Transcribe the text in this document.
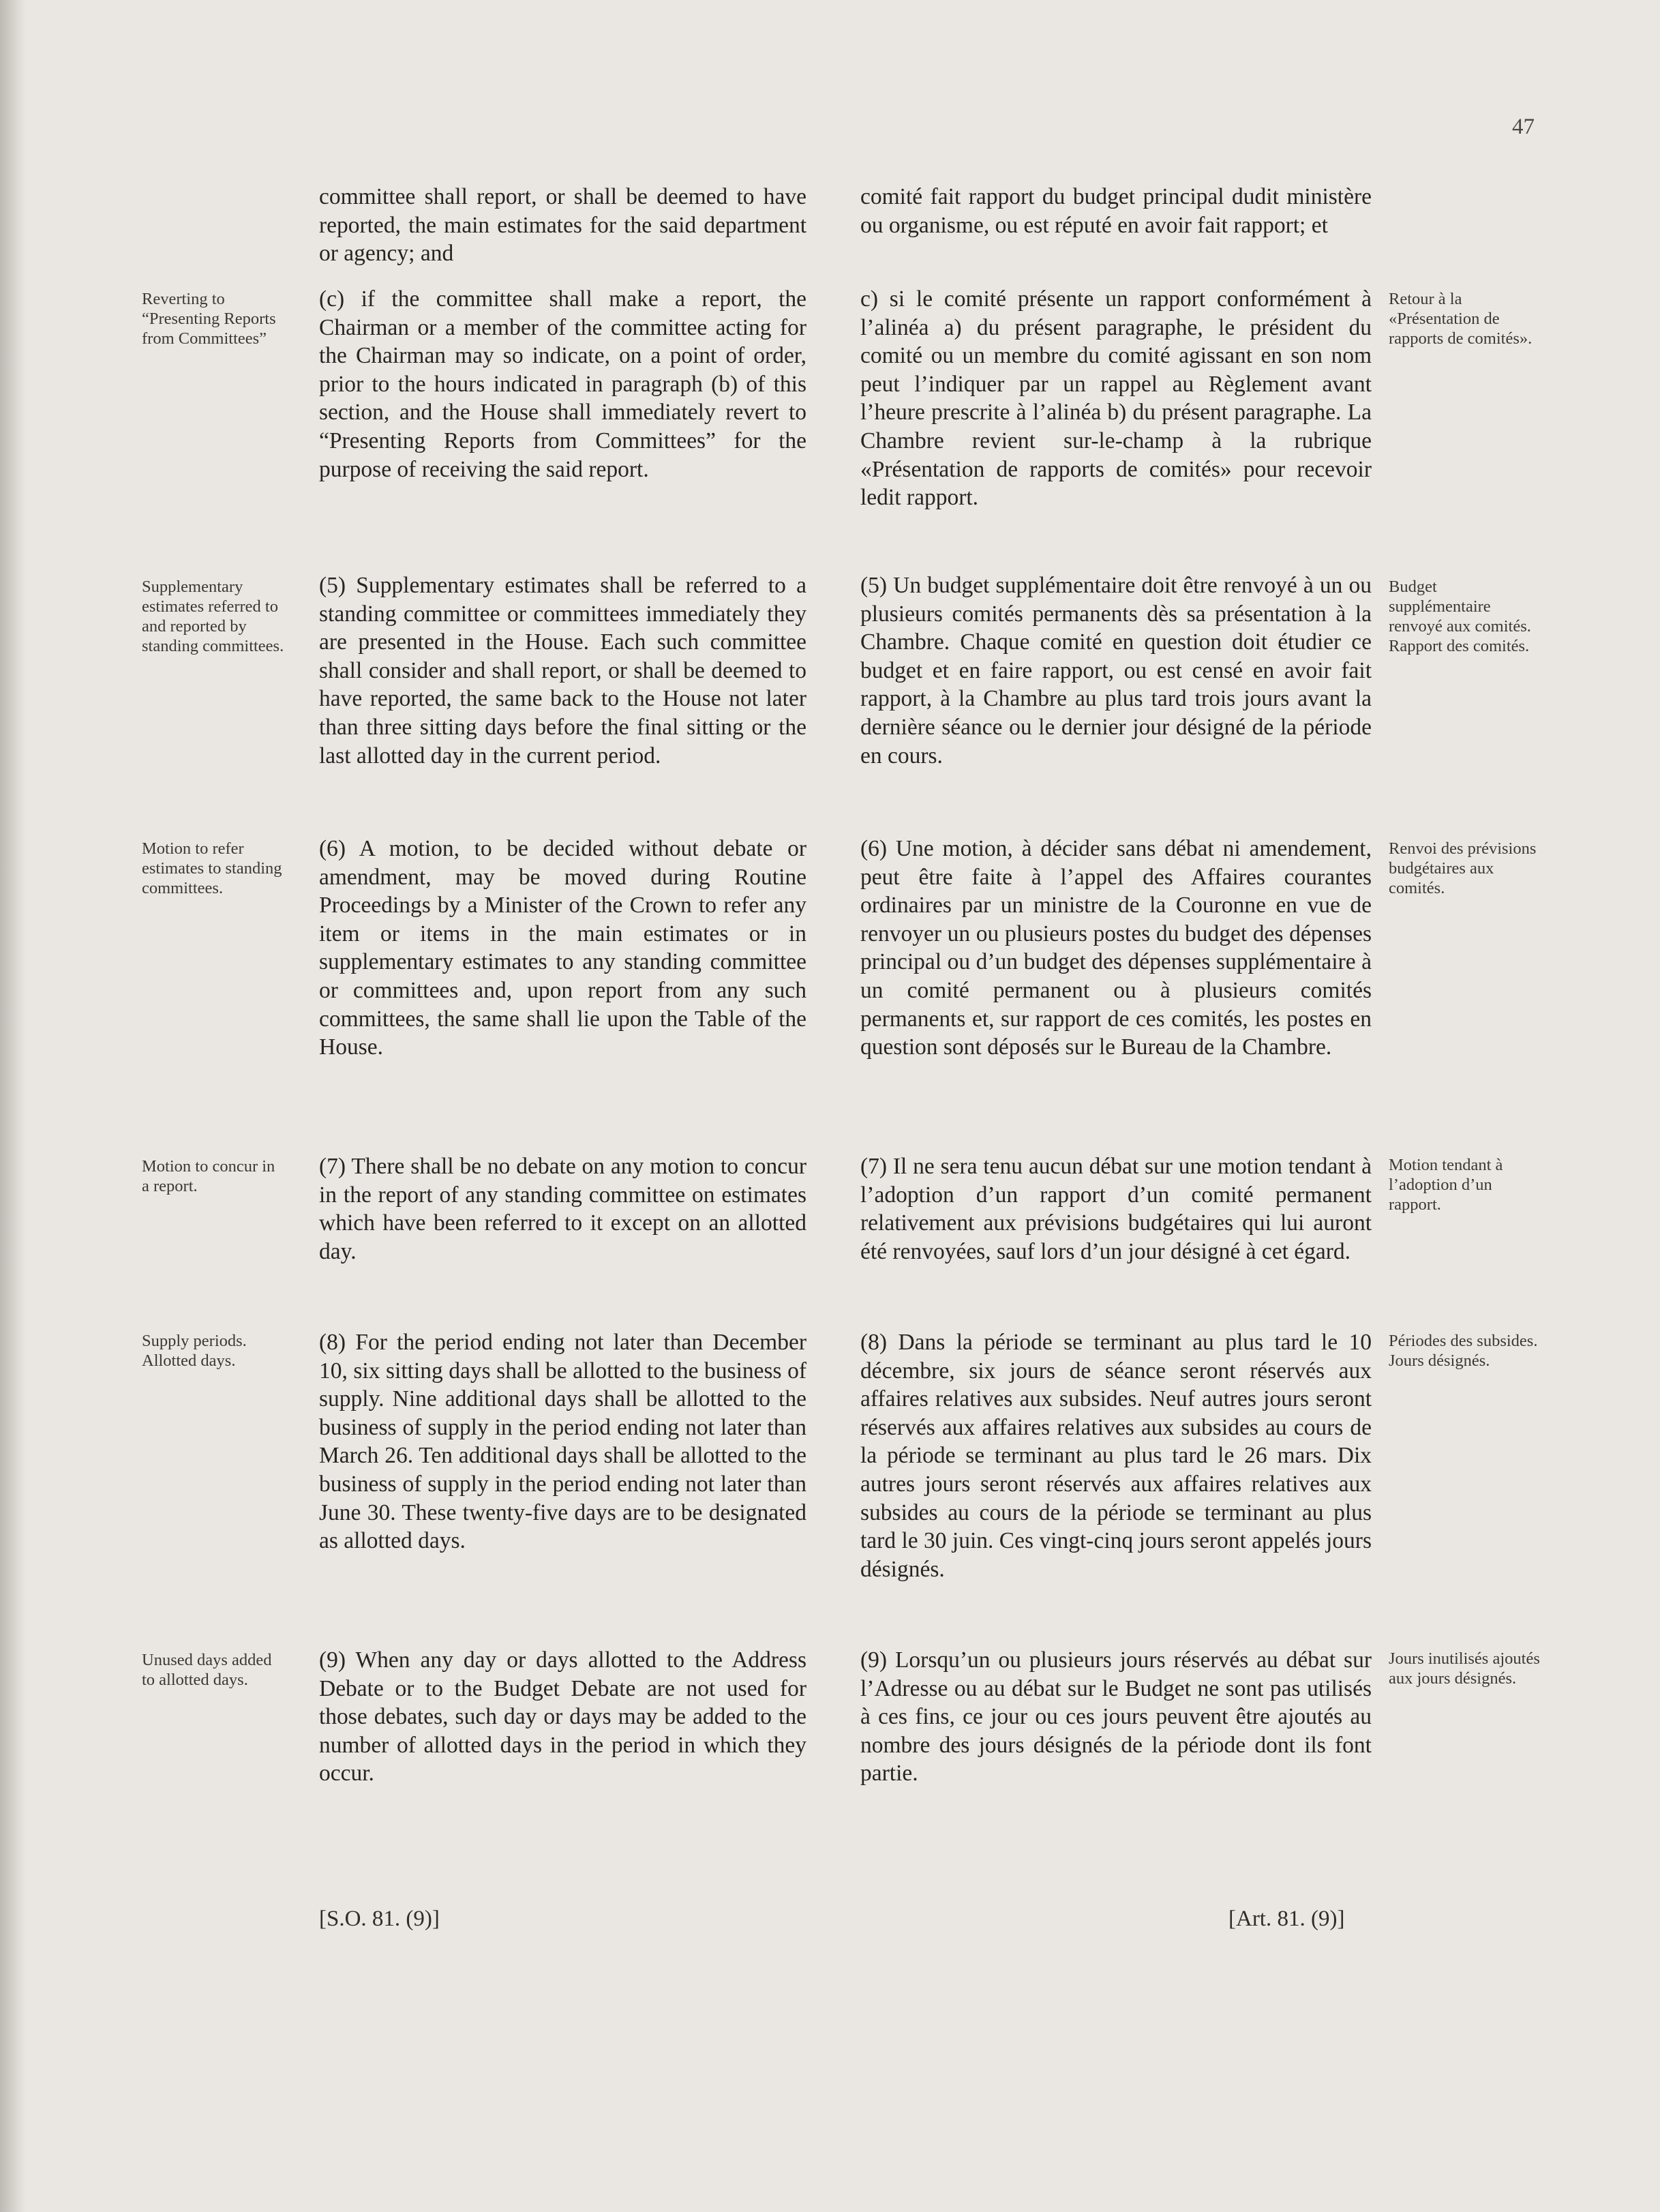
47
committee shall report, or shall be deemed to have reported, the main estimates for the said department or agency; and
comité fait rapport du budget principal dudit ministère ou organisme, ou est réputé en avoir fait rapport; et
Reverting to “Presenting Reports from Committees”
(c) if the committee shall make a report, the Chairman or a member of the committee acting for the Chairman may so indicate, on a point of order, prior to the hours indicated in paragraph (b) of this section, and the House shall immediately revert to “Presenting Reports from Committees” for the purpose of receiving the said report.
c) si le comité présente un rapport conformément à l’alinéa a) du présent paragraphe, le président du comité ou un membre du comité agissant en son nom peut l’indiquer par un rappel au Règlement avant l’heure prescrite à l’alinéa b) du présent paragraphe. La Chambre revient sur-le-champ à la rubrique «Présentation de rapports de comités» pour recevoir ledit rapport.
Retour à la «Présentation de rapports de comités».
Supplementary estimates referred to and reported by standing committees.
(5) Supplementary estimates shall be referred to a standing committee or committees immediately they are presented in the House. Each such committee shall consider and shall report, or shall be deemed to have reported, the same back to the House not later than three sitting days before the final sitting or the last allotted day in the current period.
(5) Un budget supplémentaire doit être renvoyé à un ou plusieurs comités permanents dès sa présentation à la Chambre. Chaque comité en question doit étudier ce budget et en faire rapport, ou est censé en avoir fait rapport, à la Chambre au plus tard trois jours avant la dernière séance ou le dernier jour désigné de la période en cours.
Budget supplémentaire renvoyé aux comités. Rapport des comités.
Motion to refer estimates to standing committees.
(6) A motion, to be decided without debate or amendment, may be moved during Routine Proceedings by a Minister of the Crown to refer any item or items in the main estimates or in supplementary estimates to any standing committee or committees and, upon report from any such committees, the same shall lie upon the Table of the House.
(6) Une motion, à décider sans débat ni amendement, peut être faite à l’appel des Affaires courantes ordinaires par un ministre de la Couronne en vue de renvoyer un ou plusieurs postes du budget des dépenses principal ou d’un budget des dépenses supplémentaire à un comité permanent ou à plusieurs comités permanents et, sur rapport de ces comités, les postes en question sont déposés sur le Bureau de la Chambre.
Renvoi des prévisions budgétaires aux comités.
Motion to concur in a report.
(7) There shall be no debate on any motion to concur in the report of any standing committee on estimates which have been referred to it except on an allotted day.
(7) Il ne sera tenu aucun débat sur une motion tendant à l’adoption d’un rapport d’un comité permanent relativement aux prévisions budgétaires qui lui auront été renvoyées, sauf lors d’un jour désigné à cet égard.
Motion tendant à l’adoption d’un rapport.
Supply periods. Allotted days.
(8) For the period ending not later than December 10, six sitting days shall be allotted to the business of supply. Nine additional days shall be allotted to the business of supply in the period ending not later than March 26. Ten additional days shall be allotted to the business of supply in the period ending not later than June 30. These twenty-five days are to be designated as allotted days.
(8) Dans la période se terminant au plus tard le 10 décembre, six jours de séance seront réservés aux affaires relatives aux subsides. Neuf autres jours seront réservés aux affaires relatives aux subsides au cours de la période se terminant au plus tard le 26 mars. Dix autres jours seront réservés aux affaires relatives aux subsides au cours de la période se terminant au plus tard le 30 juin. Ces vingt-cinq jours seront appelés jours désignés.
Périodes des subsides. Jours désignés.
Unused days added to allotted days.
(9) When any day or days allotted to the Address Debate or to the Budget Debate are not used for those debates, such day or days may be added to the number of allotted days in the period in which they occur.
(9) Lorsqu’un ou plusieurs jours réservés au débat sur l’Adresse ou au débat sur le Budget ne sont pas utilisés à ces fins, ce jour ou ces jours peuvent être ajoutés au nombre des jours désignés de la période dont ils font partie.
Jours inutilisés ajoutés aux jours désignés.
[S.O. 81. (9)]	[Art. 81. (9)]
